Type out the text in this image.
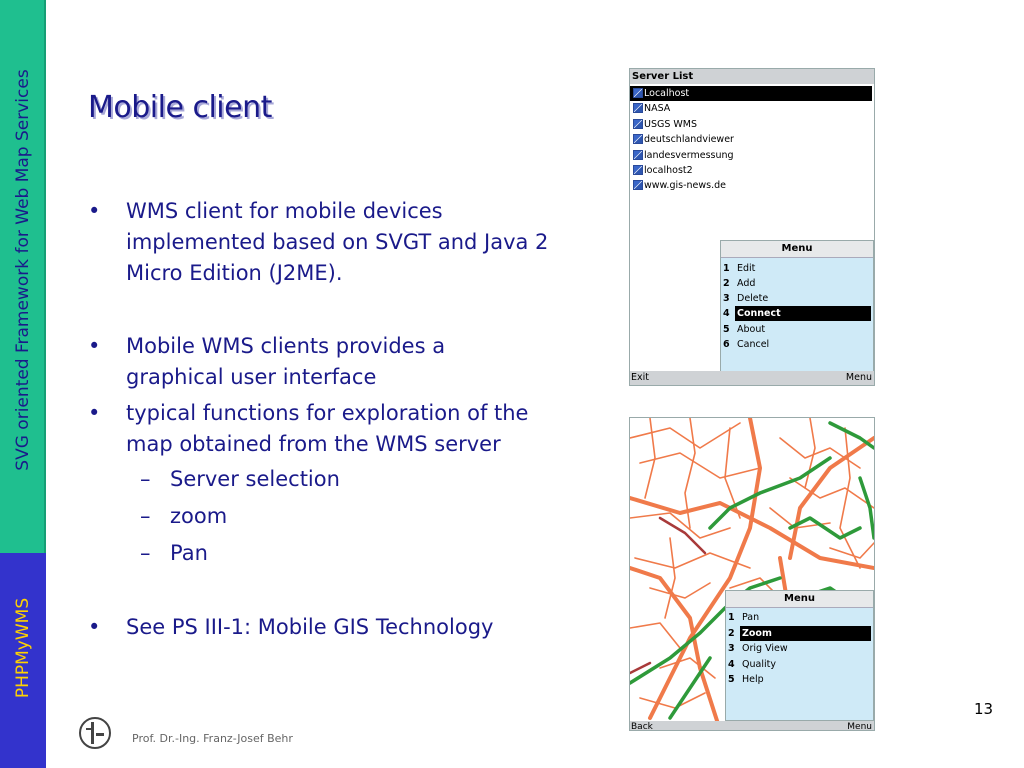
SVG oriented Framework for Web Map Services
PHPMyWMS
Mobile client
• WMS client for mobile devices implemented based on SVGT and Java 2 Micro Edition (J2ME).
• Mobile WMS clients provides a graphical user interface
• typical functions for exploration of the map obtained from the WMS server
– Server selection
– zoom
– Pan
• See PS III-1: Mobile GIS Technology
Server List
Localhost
NASA
USGS WMS
deutschlandviewer
landesvermessung
localhost2
www.gis-news.de
Menu
1 Edit
2 Add
3 Delete
4 Connect
5 About
6 Cancel
Exit	Menu
Menu
1 Pan
2 Zoom
3 Orig View
4 Quality
5 Help
Back	Menu
13
Prof. Dr.-Ing. Franz-Josef Behr
